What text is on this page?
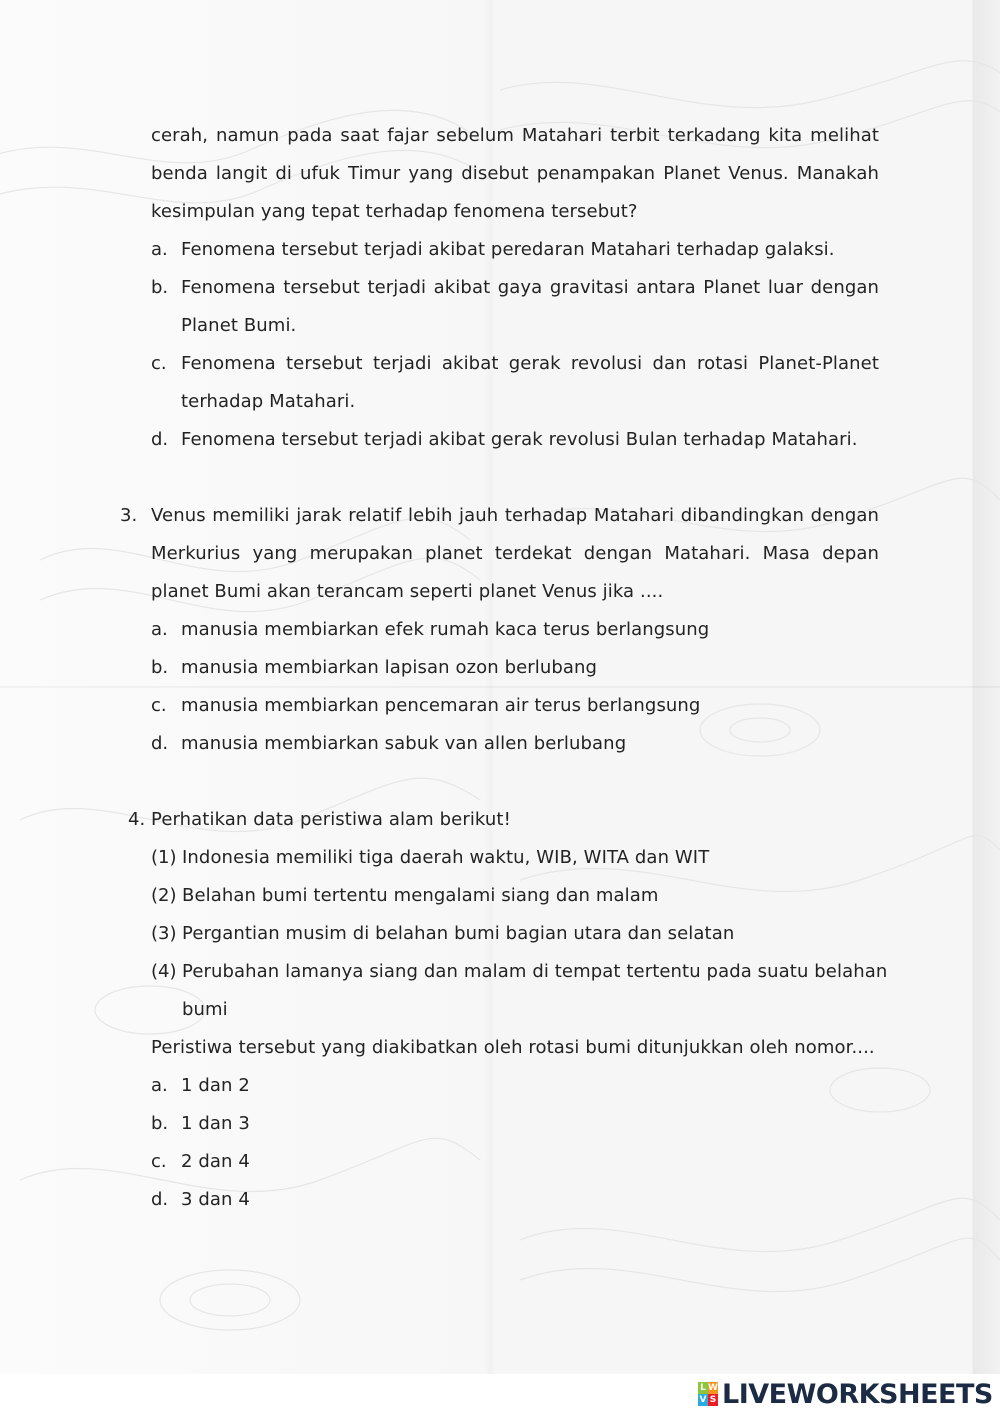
cerah, namun pada saat fajar sebelum Matahari terbit terkadang kita melihat
benda langit di ufuk Timur yang disebut penampakan Planet Venus. Manakah
kesimpulan yang tepat terhadap fenomena tersebut?
a. Fenomena tersebut terjadi akibat peredaran Matahari terhadap galaksi.
b. Fenomena tersebut terjadi akibat gaya gravitasi antara Planet luar dengan
Planet Bumi.
c. Fenomena tersebut terjadi akibat gerak revolusi dan rotasi Planet-Planet
terhadap Matahari.
d. Fenomena tersebut terjadi akibat gerak revolusi Bulan terhadap Matahari.
3. Venus memiliki jarak relatif lebih jauh terhadap Matahari dibandingkan dengan
Merkurius yang merupakan planet terdekat dengan Matahari. Masa depan
planet Bumi akan terancam seperti planet Venus jika ....
a. manusia membiarkan efek rumah kaca terus berlangsung
b. manusia membiarkan lapisan ozon berlubang
c. manusia membiarkan pencemaran air terus berlangsung
d. manusia membiarkan sabuk van allen berlubang
4. Perhatikan data peristiwa alam berikut!
(1) Indonesia memiliki tiga daerah waktu, WIB, WITA dan WIT
(2) Belahan bumi tertentu mengalami siang dan malam
(3) Pergantian musim di belahan bumi bagian utara dan selatan
(4) Perubahan lamanya siang dan malam di tempat tertentu pada suatu belahan
bumi
Peristiwa tersebut yang diakibatkan oleh rotasi bumi ditunjukkan oleh nomor....
a. 1 dan 2
b. 1 dan 3
c. 2 dan 4
d. 3 dan 4
L W
V S LIVEWORKSHEETS
